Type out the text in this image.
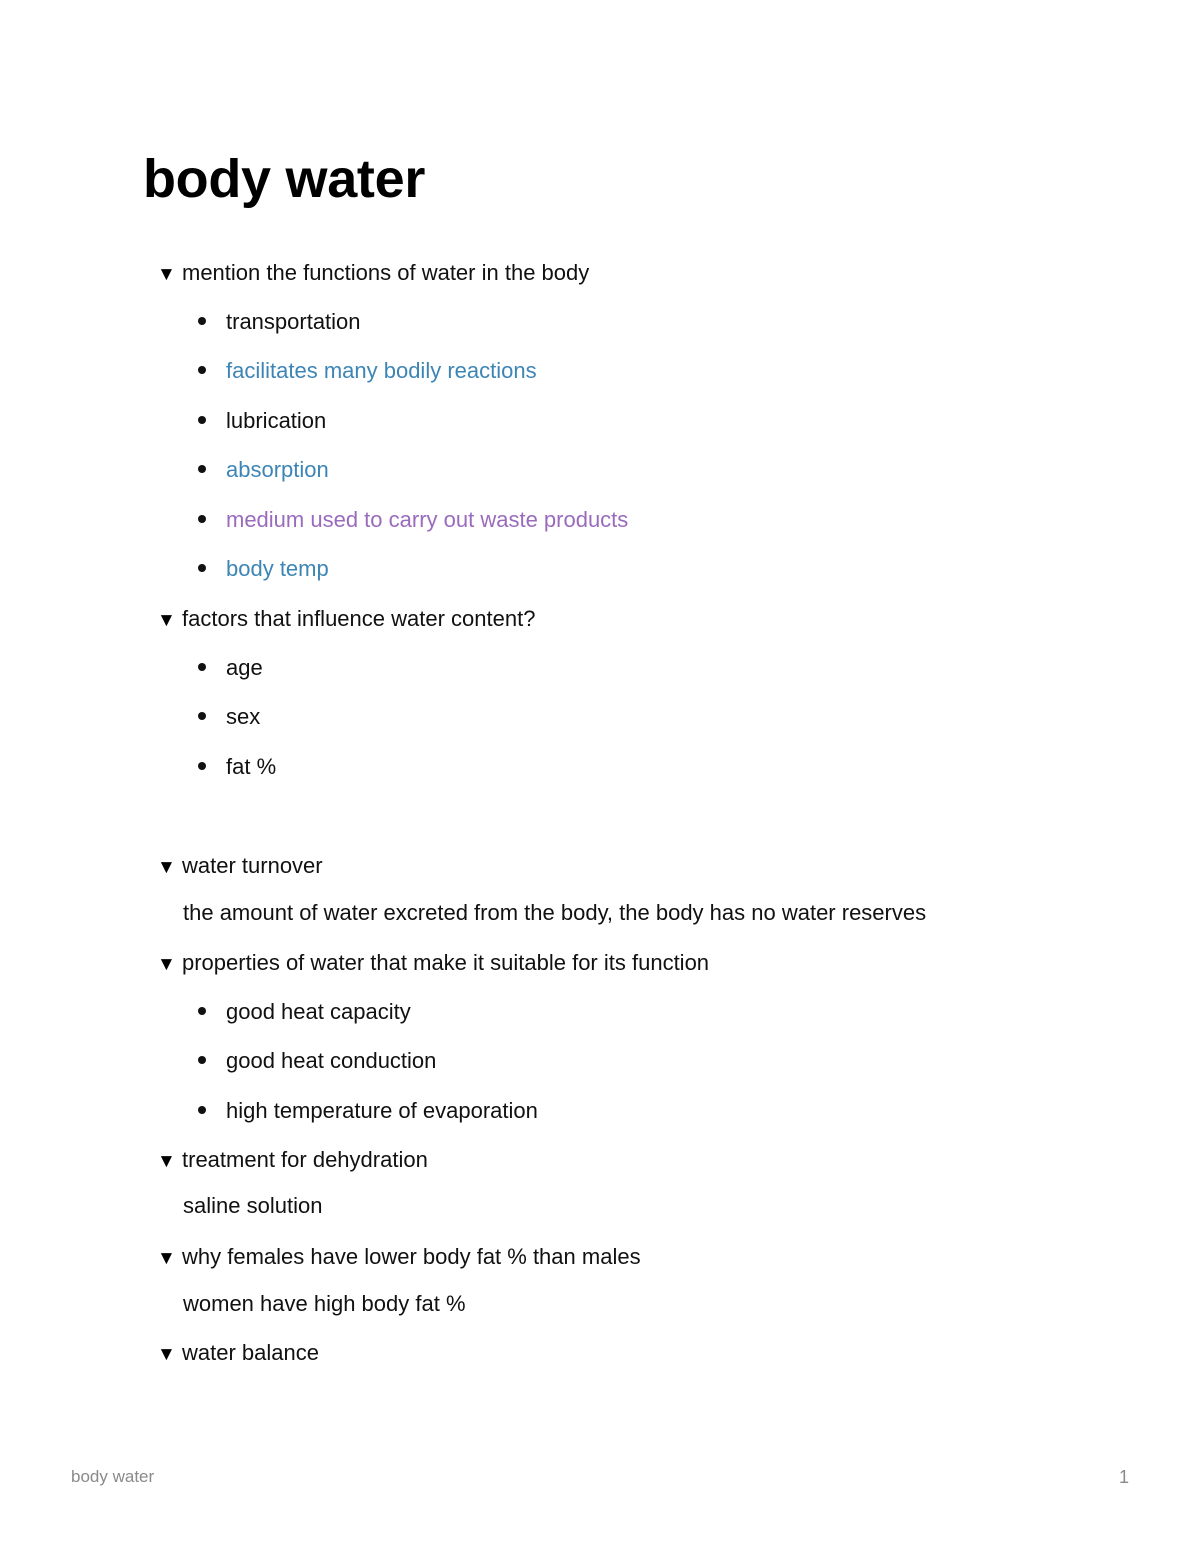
body water
▼ mention the functions of water in the body
transportation
facilitates many bodily reactions
lubrication
absorption
medium used to carry out waste products
body temp
▼ factors that influence water content?
age
sex
fat %
▼ water turnover
the amount of water excreted from the body, the body has no water reserves
▼ properties of water that make it suitable for its function
good heat capacity
good heat conduction
high temperature of evaporation
▼ treatment for dehydration
saline solution
▼ why females have lower body fat % than males
women have high body fat %
▼ water balance
body water	1
